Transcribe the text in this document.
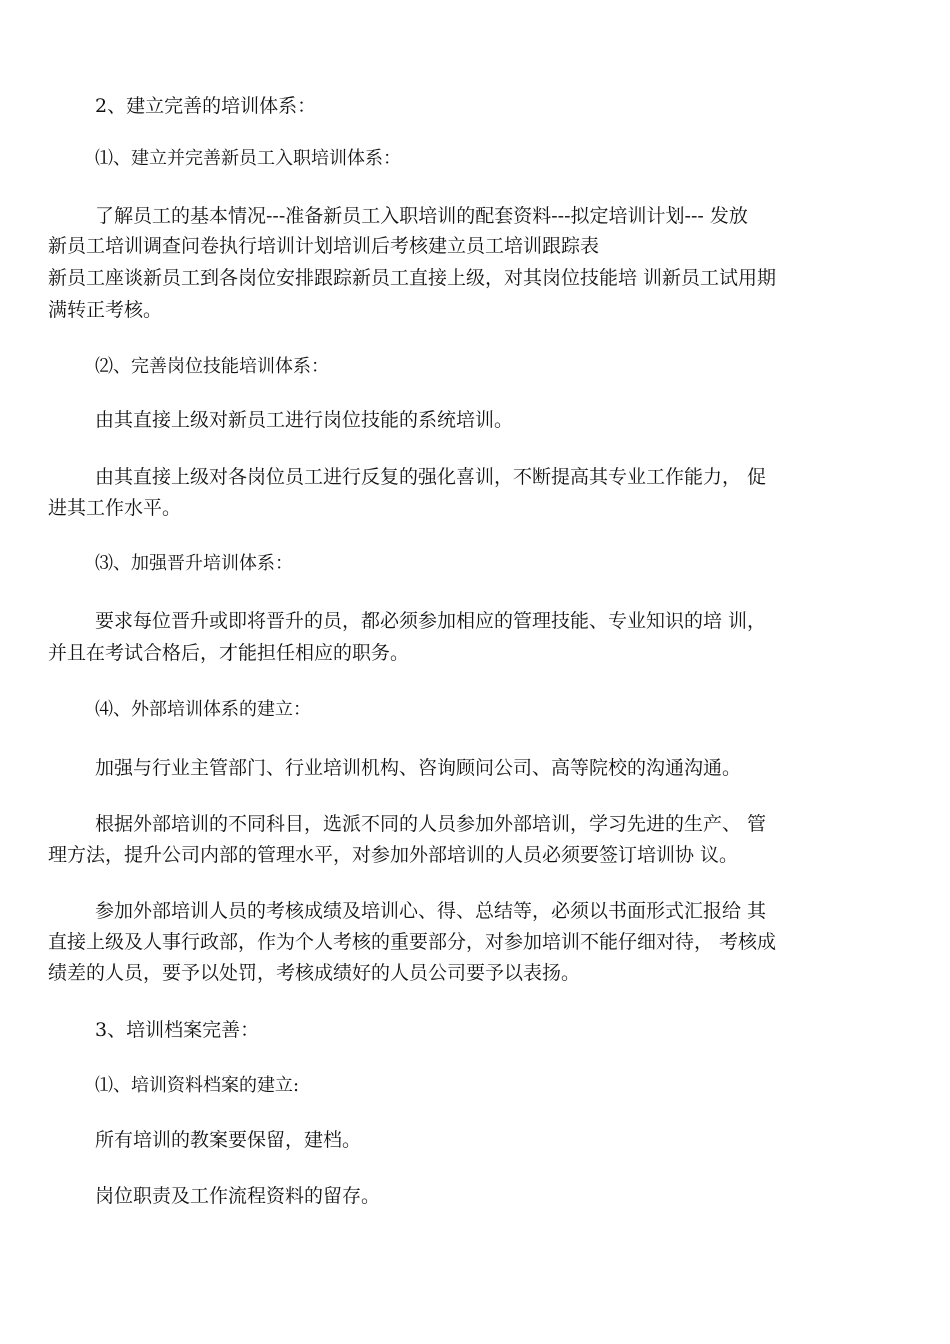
2、建立完善的培训体系：
⑴、建立并完善新员工入职培训体系：
了解员工的基本情况---准备新员工入职培训的配套资料---拟定培训计划--- 发放
新员工培训调查问卷执行培训计划培训后考核建立员工培训跟踪表
新员工座谈新员工到各岗位安排跟踪新员工直接上级，对其岗位技能培 训新员工试用期
满转正考核。
⑵、完善岗位技能培训体系：
由其直接上级对新员工进行岗位技能的系统培训。
由其直接上级对各岗位员工进行反复的强化喜训，不断提高其专业工作能力， 促
进其工作水平。
⑶、加强晋升培训体系：
要求每位晋升或即将晋升的员，都必须参加相应的管理技能、专业知识的培 训，
并且在考试合格后，才能担任相应的职务。
⑷、外部培训体系的建立：
加强与行业主管部门、行业培训机构、咨询顾问公司、高等院校的沟通沟通。
根据外部培训的不同科目，选派不同的人员参加外部培训，学习先进的生产、 管
理方法，提升公司内部的管理水平，对参加外部培训的人员必须要签订培训协 议。
参加外部培训人员的考核成绩及培训心、得、总结等，必须以书面形式汇报给 其
直接上级及人事行政部，作为个人考核的重要部分，对参加培训不能仔细对待， 考核成
绩差的人员，要予以处罚，考核成绩好的人员公司要予以表扬。
3、培训档案完善：
⑴、培训资料档案的建立:
所有培训的教案要保留，建档。
岗位职责及工作流程资料的留存。
